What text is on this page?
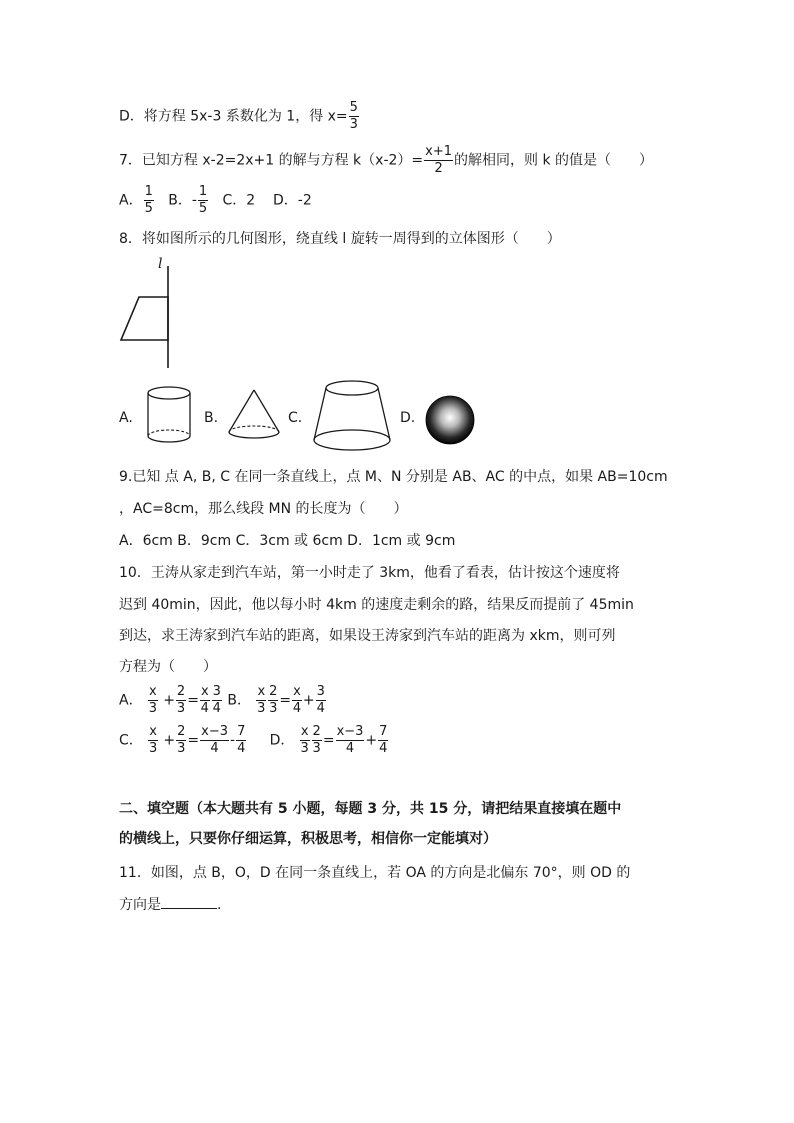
D．将方程 5x-3 系数化为 1，得 $x= \frac{5}{3}$
7．已知方程 x-2=2x+1 的解与方程 $k(x-2)= \frac{x+1}{2}$ 的解相同，则 k 的值是（　　）
A． $\frac{1}{5}$ B．- $\frac{1}{5}$ C．2 D．-2
8．将如图所示的几何图形，绕直线 l 旋转一周得到的立体图形（　　）
l
A.	B.	C.	D.
9.已知 点 A, B, C 在同一条直线上，点 M、N 分别是 AB、AC 的中点，如果 AB=10cm
，AC=8cm，那么线段 MN 的长度为（　　）
A．6cm B．9cm C．3cm 或 6cm D．1cm 或 9cm
10．王涛从家走到汽车站，第一小时走了 3km，他看了看表，估计按这个速度将
迟到 40min，因此，他以每小时 4km 的速度走剩余的路，结果反而提前了 45min
到达，求王涛家到汽车站的距离，如果设王涛家到汽车站的距离为 xkm，则可列
方程为（　　）
A． $\frac{x}{3} + \frac{2}{3} = \frac{x}{4} \frac{3}{4}$ B． $\frac{x}{3} \frac{2}{3} = \frac{x}{4} + \frac{3}{4}$
C． $\frac{x}{3} + \frac{2}{3} = \frac{x-3}{4} - \frac{7}{4}$ D． $\frac{x}{3} \frac{2}{3} = \frac{x-3}{4} + \frac{7}{4}$
二、填空题（本大题共有 5 小题，每题 3 分，共 15 分，请把结果直接填在题中
的横线上，只要你仔细运算，积极思考，相信你一定能填对）
11．如图，点 B，O，D 在同一条直线上，若 OA 的方向是北偏东 70°，则 OD 的
方向是	.
